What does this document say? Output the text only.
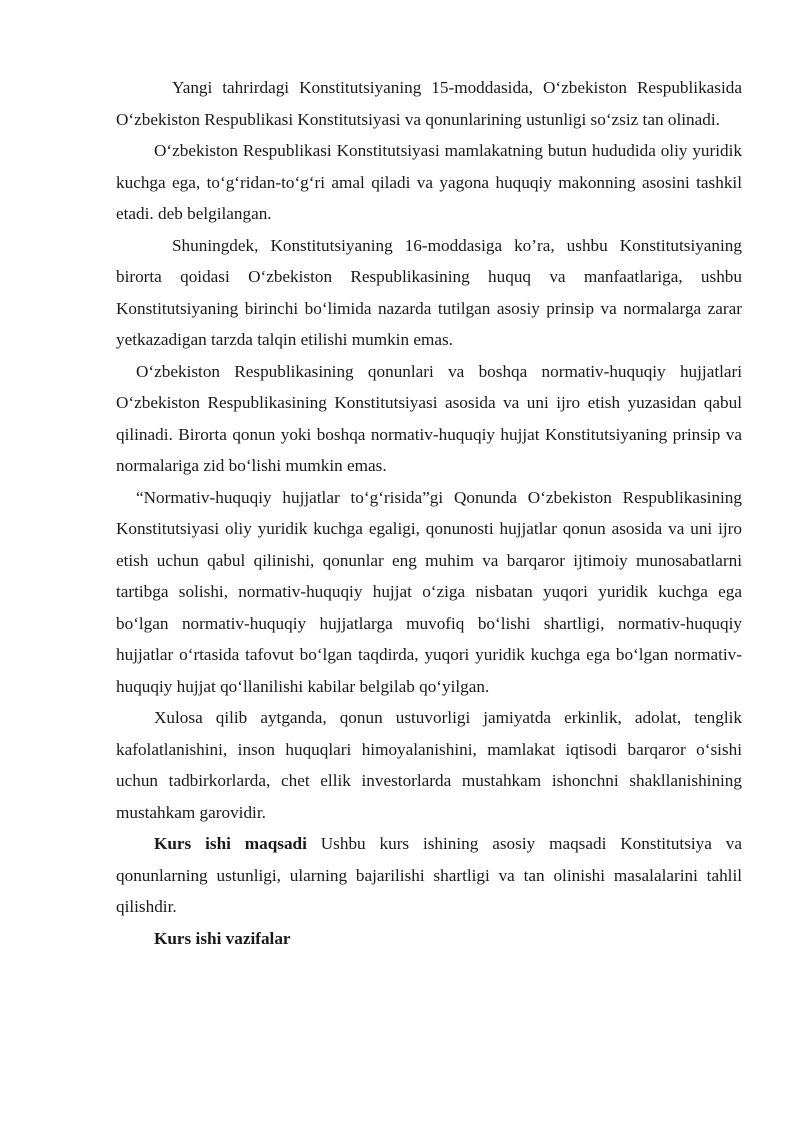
Yangi tahrirdagi Konstitutsiyaning 15-moddasida, O‘zbekiston Respublikasida O‘zbekiston Respublikasi Konstitutsiyasi va qonunlarining ustunligi so‘zsiz tan olinadi.

O‘zbekiston Respublikasi Konstitutsiyasi mamlakatning butun hududida oliy yuridik kuchga ega, to‘g‘ridan-to‘g‘ri amal qiladi va yagona huquqiy makonning asosini tashkil etadi. deb belgilangan.

Shuningdek, Konstitutsiyaning 16-moddasiga ko’ra, ushbu Konstitutsiyaning birorta qoidasi O‘zbekiston Respublikasining huquq va manfaatlariga, ushbu Konstitutsiyaning birinchi bo‘limida nazarda tutilgan asosiy prinsip va normalarga zarar yetkazadigan tarzda talqin etilishi mumkin emas.

O‘zbekiston Respublikasining qonunlari va boshqa normativ-huquqiy hujjatlari O‘zbekiston Respublikasining Konstitutsiyasi asosida va uni ijro etish yuzasidan qabul qilinadi. Birorta qonun yoki boshqa normativ-huquqiy hujjat Konstitutsiyaning prinsip va normalariga zid bo‘lishi mumkin emas.

“Normativ-huquqiy hujjatlar to‘g‘risida”gi Qonunda O‘zbekiston Respublikasining Konstitutsiyasi oliy yuridik kuchga egaligi, qonunosti hujjatlar qonun asosida va uni ijro etish uchun qabul qilinishi, qonunlar eng muhim va barqaror ijtimoiy munosabatlarni tartibga solishi, normativ-huquqiy hujjat o‘ziga nisbatan yuqori yuridik kuchga ega bo‘lgan normativ-huquqiy hujjatlarga muvofiq bo‘lishi shartligi, normativ-huquqiy hujjatlar o‘rtasida tafovut bo‘lgan taqdirda, yuqori yuridik kuchga ega bo‘lgan normativ-huquqiy hujjat qo‘llanilishi kabilar belgilab qo‘yilgan.

Xulosa qilib aytganda, qonun ustuvorligi jamiyatda erkinlik, adolat, tenglik kafolatlanishini, inson huquqlari himoyalanishini, mamlakat iqtisodi barqaror o‘sishi uchun tadbirkorlarda, chet ellik investorlarda mustahkam ishonchni shakllanishining mustahkam garovidir.

Kurs ishi maqsadi Ushbu kurs ishining asosiy maqsadi Konstitutsiya va qonunlarning ustunligi, ularning bajarilishi shartligi va tan olinishi masalalarini tahlil qilishdir.

Kurs ishi vazifalar
